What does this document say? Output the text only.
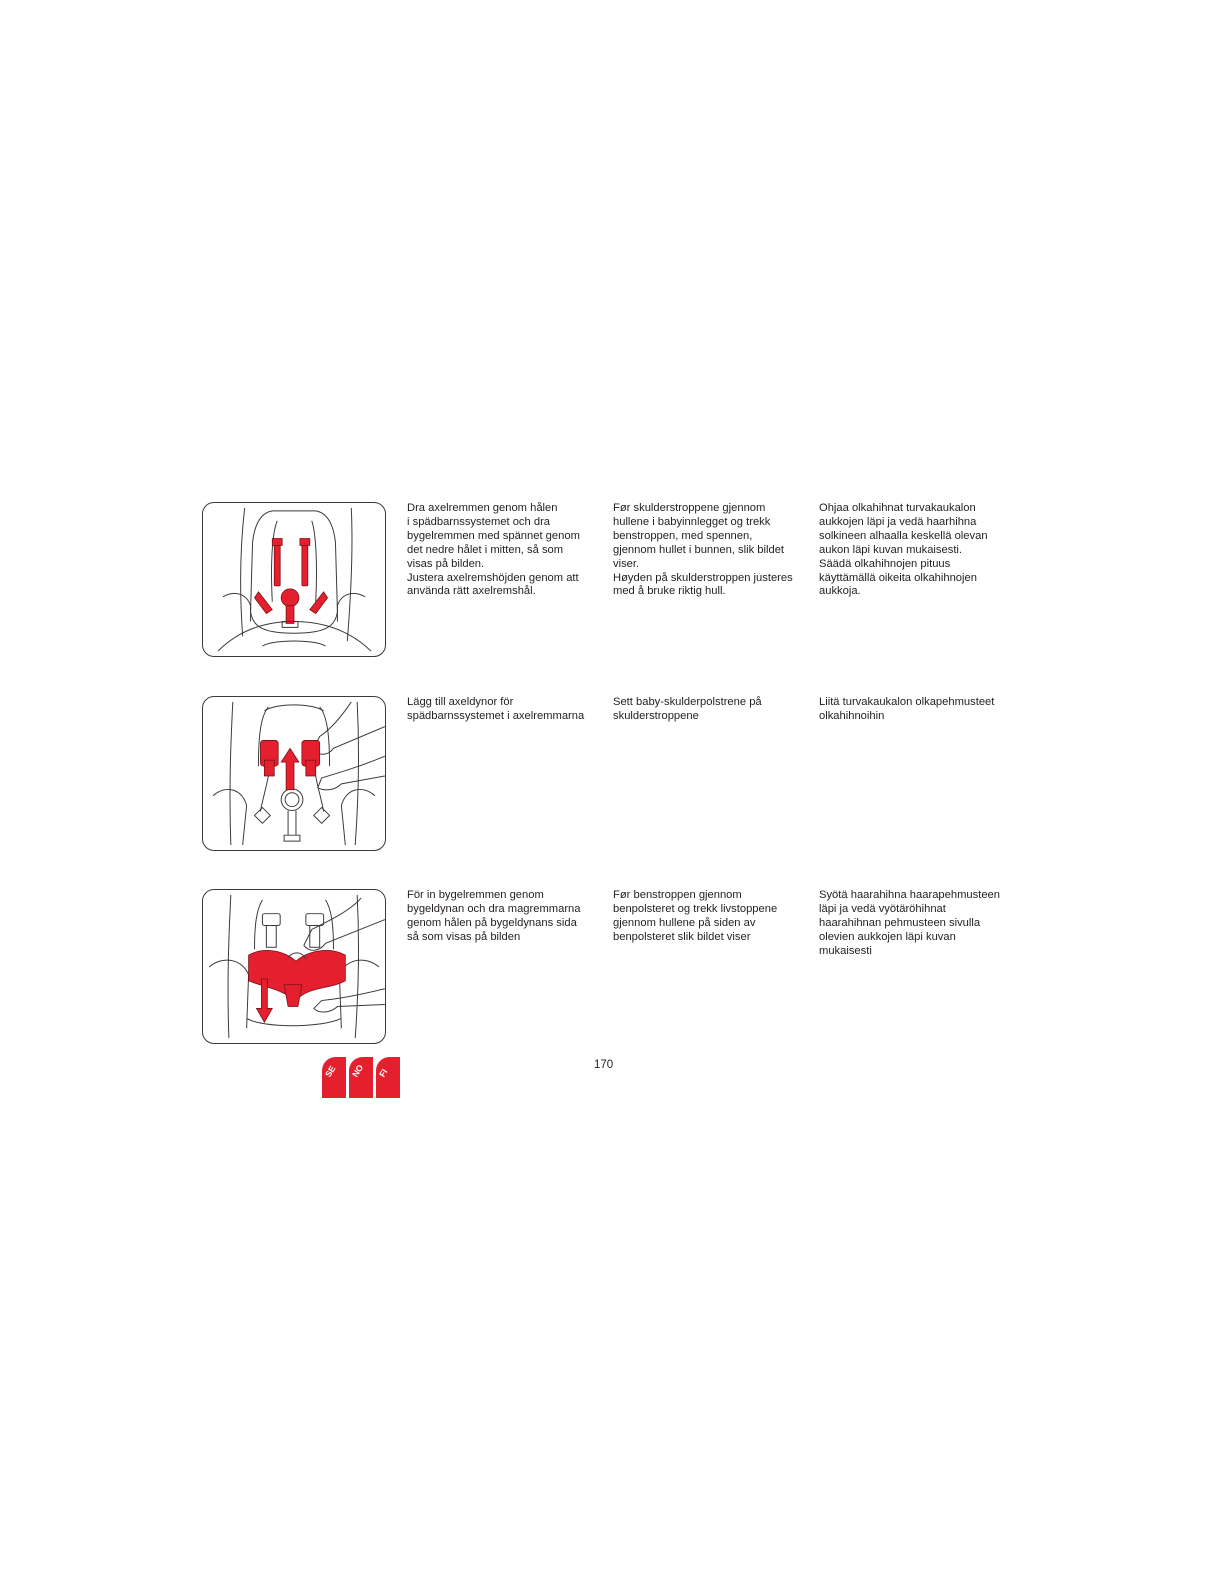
Dra axelremmen genom hålen
i spädbarnssystemet och dra
bygelremmen med spännet genom
det nedre hålet i mitten, så som
visas på bilden.
Justera axelremshöjden genom att
använda rätt axelremshål.
Før skulderstroppene gjennom
hullene i babyinnlegget og trekk
benstroppen, med spennen,
gjennom hullet i bunnen, slik bildet
viser.
Høyden på skulderstroppen justeres
med å bruke riktig hull.
Ohjaa olkahihnat turvakaukalon
aukkojen läpi ja vedä haarhihna
solkineen alhaalla keskellä olevan
aukon läpi kuvan mukaisesti.
Säädä olkahihnojen pituus
käyttämällä oikeita olkahihnojen
aukkoja.
Lägg till axeldynor för
spädbarnssystemet i axelremmarna
Sett baby-skulderpolstrene på
skulderstroppene
Liitä turvakaukalon olkapehmusteet
olkahihnoihin
För in bygelremmen genom
bygeldynan och dra magremmarna
genom hålen på bygeldynans sida
så som visas på bilden
Før benstroppen gjennom
benpolsteret og trekk livstoppene
gjennom hullene på siden av
benpolsteret slik bildet viser
Syötä haarahihna haarapehmusteen
läpi ja vedä vyötäröhihnat
haarahihnan pehmusteen sivulla
olevien aukkojen läpi kuvan
mukaisesti
SE NO FI
170
